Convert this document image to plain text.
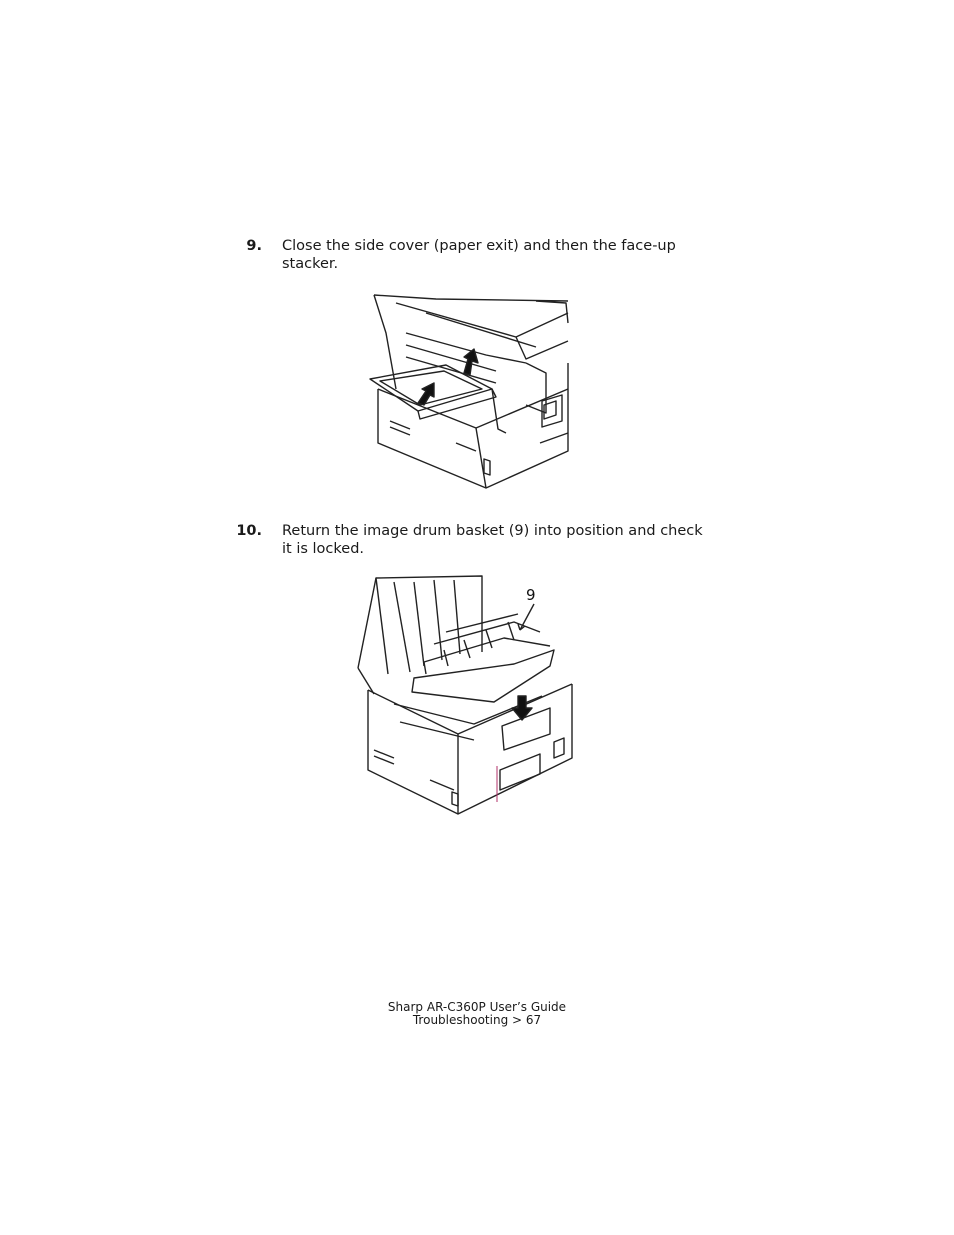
9. Close the side cover (paper exit) and then the face-up stacker.
10. Return the image drum basket (9) into position and check it is locked.
9
Sharp AR-C360P User’s Guide
Troubleshooting > 67
